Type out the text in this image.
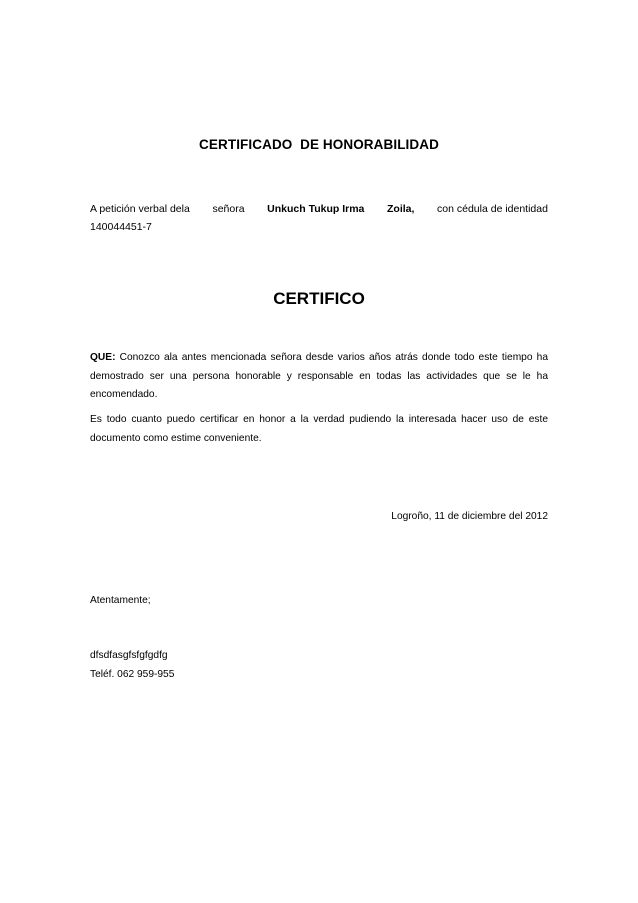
CERTIFICADO  DE HONORABILIDAD
A petición verbal dela señora Unkuch Tukup Irma Zoila, con cédula de identidad
140044451-7
CERTIFICO
QUE: Conozco ala antes mencionada señora desde varios años atrás donde todo este tiempo ha demostrado ser una persona honorable y responsable en todas las actividades que se le ha encomendado.
Es todo cuanto puedo certificar en honor a la verdad pudiendo la interesada hacer uso de este documento como estime conveniente.
Logroño, 11 de diciembre del 2012
Atentamente;
dfsdfasgfsfgfgdfg
Teléf. 062 959-955
